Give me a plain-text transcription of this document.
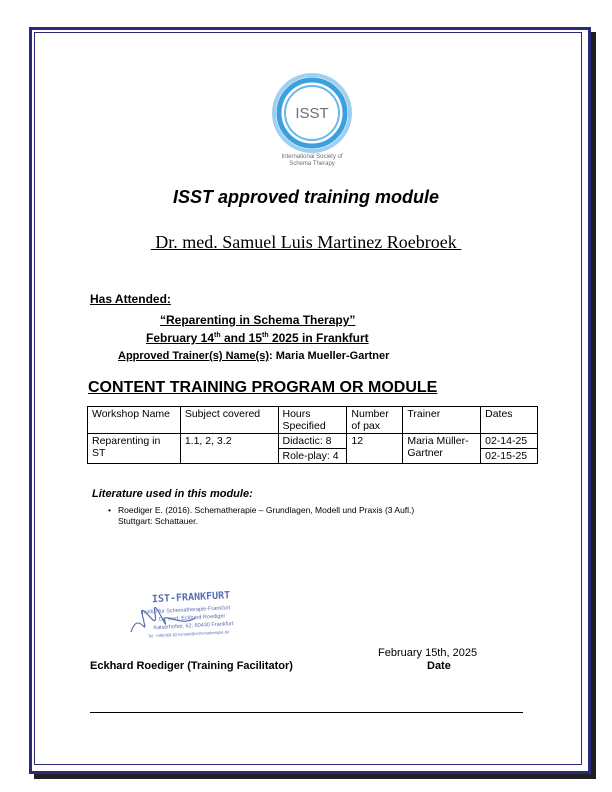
ISST
International Society of
Schema Therapy
ISST approved training module
Dr. med. Samuel Luis Martinez Roebroek
Has Attended:
“Reparenting in Schema Therapy”
February 14th and 15th 2025 in Frankfurt
Approved Trainer(s) Name(s): Maria Mueller-Gartner
CONTENT TRAINING PROGRAM OR MODULE
Workshop Name	Subject covered	Hours Specified	Number of pax	Trainer	Dates
Reparenting in ST	1.1, 2, 3.2	Didactic: 8	12	Maria Müller-Gartner	02-14-25
		Role-play: 4			02-15-25
Literature used in this module:
• Roediger E. (2016). Schematherapie – Grundlagen, Modell und Praxis (3 Aufl.)
Stuttgart: Schattauer.
IST-FRANKFURT
Institut für Schematherapie-Frankfurt
Dr. med. Eckhard Roediger
Kaiserhofstr. 62, 60430 Frankfurt
Tel. +49(0)69-63 kontakt@schematherapie.de
Eckhard Roediger (Training Facilitator)
February 15th, 2025
Date
